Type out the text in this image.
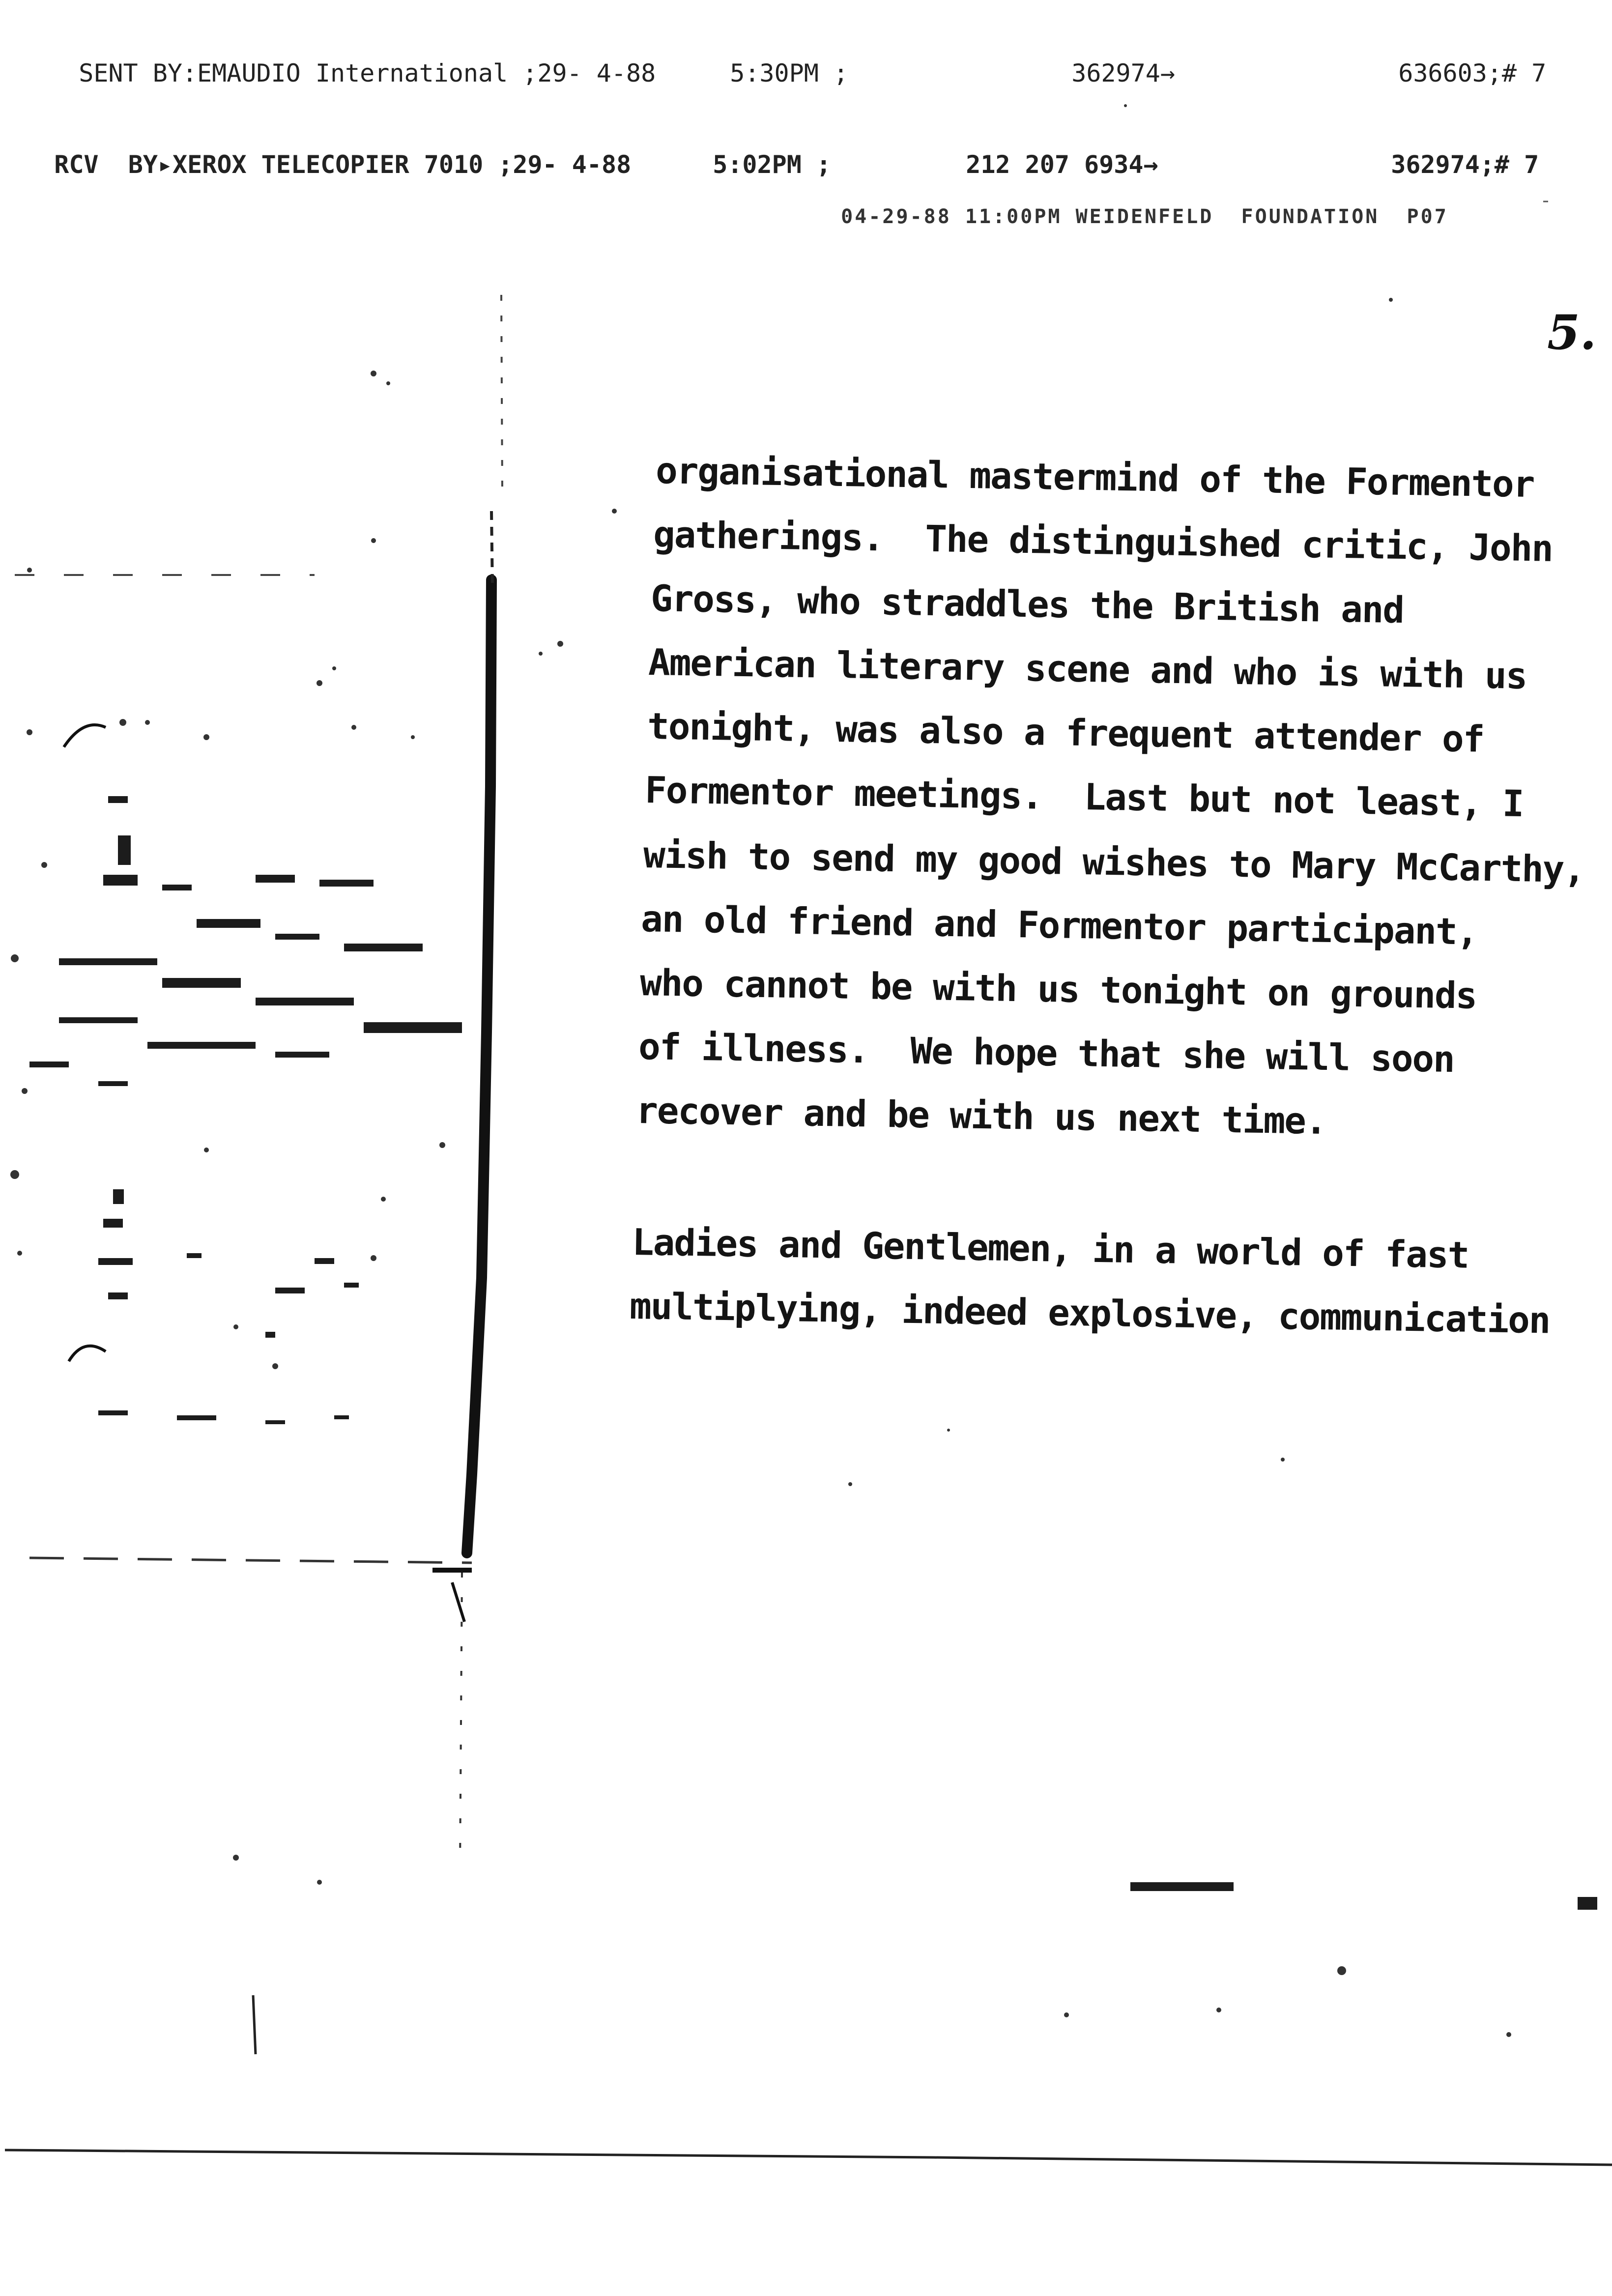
SENT BY:EMAUDIO International ;29- 4-88	5:30PM ;	362974→	636603;# 7

RCV  BY▸XEROX TELECOPIER 7010 ;29- 4-88	5:02PM ;	212 207 6934→	362974;# 7

04-29-88 11:00PM WEIDENFELD  FOUNDATION  P07

5.
organisational mastermind of the Formentor
gatherings.  The distinguished critic, John
Gross, who straddles the British and
American literary scene and who is with us
tonight, was also a frequent attender of
Formentor meetings.  Last but not least, I
wish to send my good wishes to Mary McCarthy,
an old friend and Formentor participant,
who cannot be with us tonight on grounds
of illness.  We hope that she will soon
recover and be with us next time.
Ladies and Gentlemen, in a world of fast
multiplying, indeed explosive, communication
